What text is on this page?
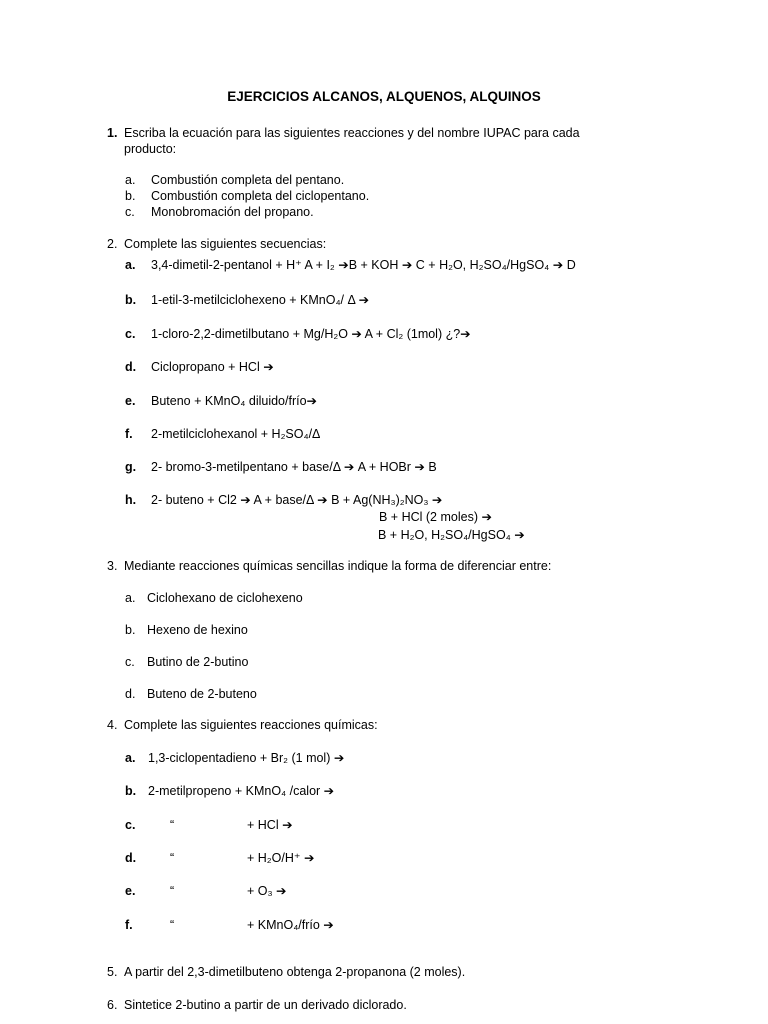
EJERCICIOS ALCANOS, ALQUENOS, ALQUINOS
1. Escriba la ecuación para las siguientes reacciones y del nombre IUPAC para cada
producto:
a. Combustión completa del pentano.
b. Combustión completa del ciclopentano.
c. Monobromación del propano.
2. Complete las siguientes secuencias:
a. 3,4-dimetil-2-pentanol + H⁺ A + I₂ ➔B + KOH ➔ C + H₂O, H₂SO₄/HgSO₄ ➔ D
b. 1-etil-3-metilciclohexeno + KMnO₄/ Δ ➔
c. 1-cloro-2,2-dimetilbutano + Mg/H₂O ➔ A + Cl₂ (1mol) ¿?➔
d. Ciclopropano + HCl ➔
e. Buteno + KMnO₄ diluido/frío➔
f. 2-metilciclohexanol + H₂SO₄/Δ
g. 2- bromo-3-metilpentano + base/Δ ➔ A + HOBr ➔ B
h. 2- buteno + Cl2 ➔ A + base/Δ ➔ B + Ag(NH₃)₂NO₃ ➔
B + HCl (2 moles) ➔
B + H₂O, H₂SO₄/HgSO₄ ➔
3. Mediante reacciones químicas sencillas indique la forma de diferenciar entre:
a. Ciclohexano de ciclohexeno
b. Hexeno de hexino
c. Butino de 2-butino
d. Buteno de 2-buteno
4. Complete las siguientes reacciones químicas:
a. 1,3-ciclopentadieno + Br₂ (1 mol) ➔
b. 2-metilpropeno + KMnO₄ /calor ➔
c.	“	+ HCl ➔
d.	“	+ H₂O/H⁺ ➔
e.	“	+ O₃ ➔
f.	“	+ KMnO₄/frío ➔
5. A partir del 2,3-dimetilbuteno obtenga 2-propanona (2 moles).
6. Sintetice 2-butino a partir de un derivado diclorado.
